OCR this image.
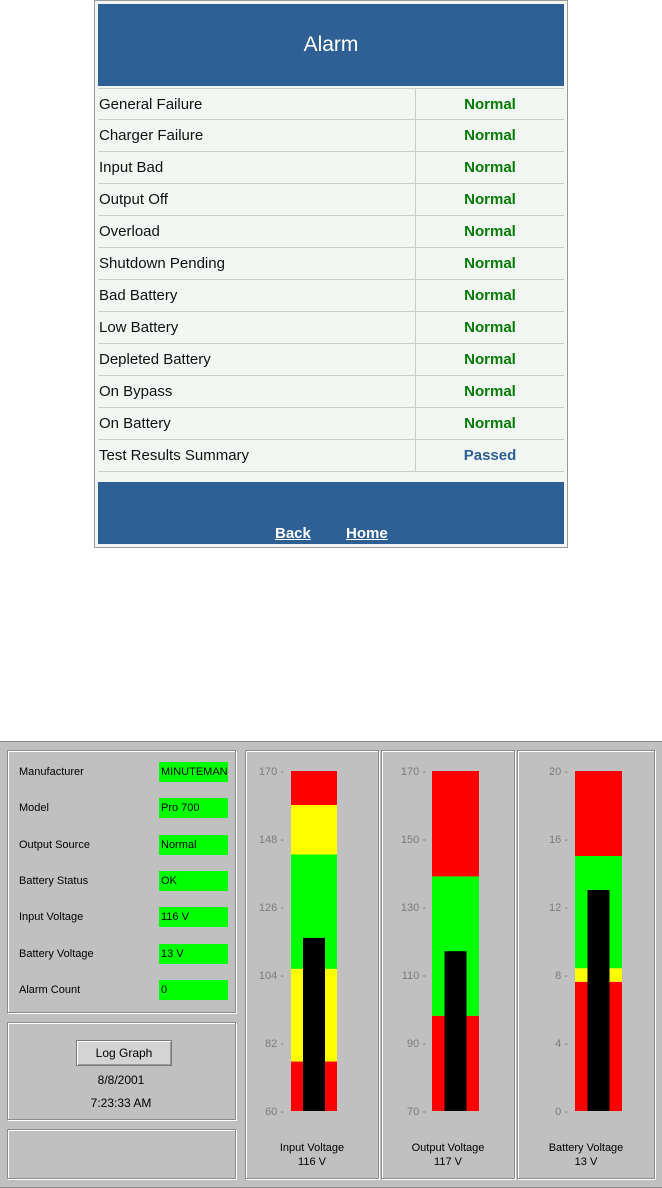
Alarm
General Failure	Normal
Charger Failure	Normal
Input Bad	Normal
Output Off	Normal
Overload	Normal
Shutdown Pending	Normal
Bad Battery	Normal
Low Battery	Normal
Depleted Battery	Normal
On Bypass	Normal
On Battery	Normal
Test Results Summary	Passed
Back Home
Manufacturer	MINUTEMAN
Model	Pro 700
Output Source	Normal
Battery Status	OK
Input Voltage	116 V
Battery Voltage	13 V
Alarm Count	0
Log Graph
8/8/2001
7:23:33 AM
170 -
148 -
126 -
104 -
82 -
60 -
170 -
150 -
130 -
110 -
90 -
70 -
20 -
16 -
12 -
8 -
4 -
0 -
Input Voltage
116 V
Output Voltage
117 V
Battery Voltage
13 V
